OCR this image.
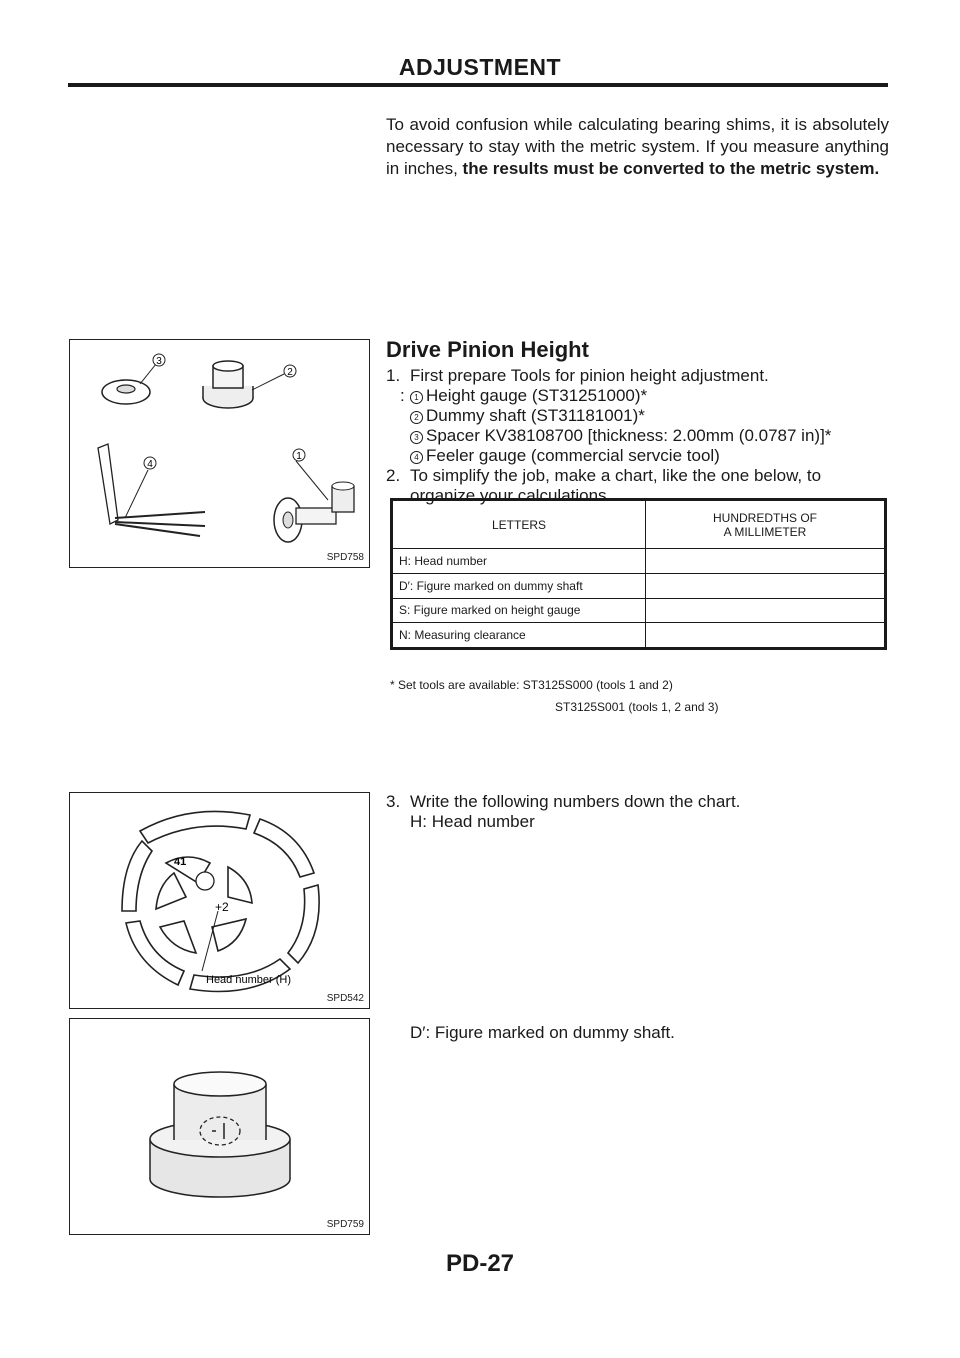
ADJUSTMENT
To avoid confusion while calculating bearing shims, it is absolutely necessary to stay with the metric system. If you measure anything in inches, the results must be converted to the metric system.
3
2
4
1
SPD758
Drive Pinion Height
1. First prepare Tools for pinion height adjustment.
: 1 Height gauge (ST31251000)*
2 Dummy shaft (ST31181001)*
3 Spacer KV38108700 [thickness: 2.00mm (0.0787 in)]*
4 Feeler gauge (commercial servcie tool)
2. To simplify the job, make a chart, like the one below, to organize your calculations.
LETTERS	HUNDREDTHS OF
A MILLIMETER
H: Head number	
D′: Figure marked on dummy shaft	
S: Figure marked on height gauge	
N: Measuring clearance	
* Set tools are available: ST3125S000 (tools 1 and 2)
ST3125S001 (tools 1, 2 and 3)
41
+2
Head number (H)
SPD542
3. Write the following numbers down the chart.
H: Head number
SPD759
D′: Figure marked on dummy shaft.
PD-27
